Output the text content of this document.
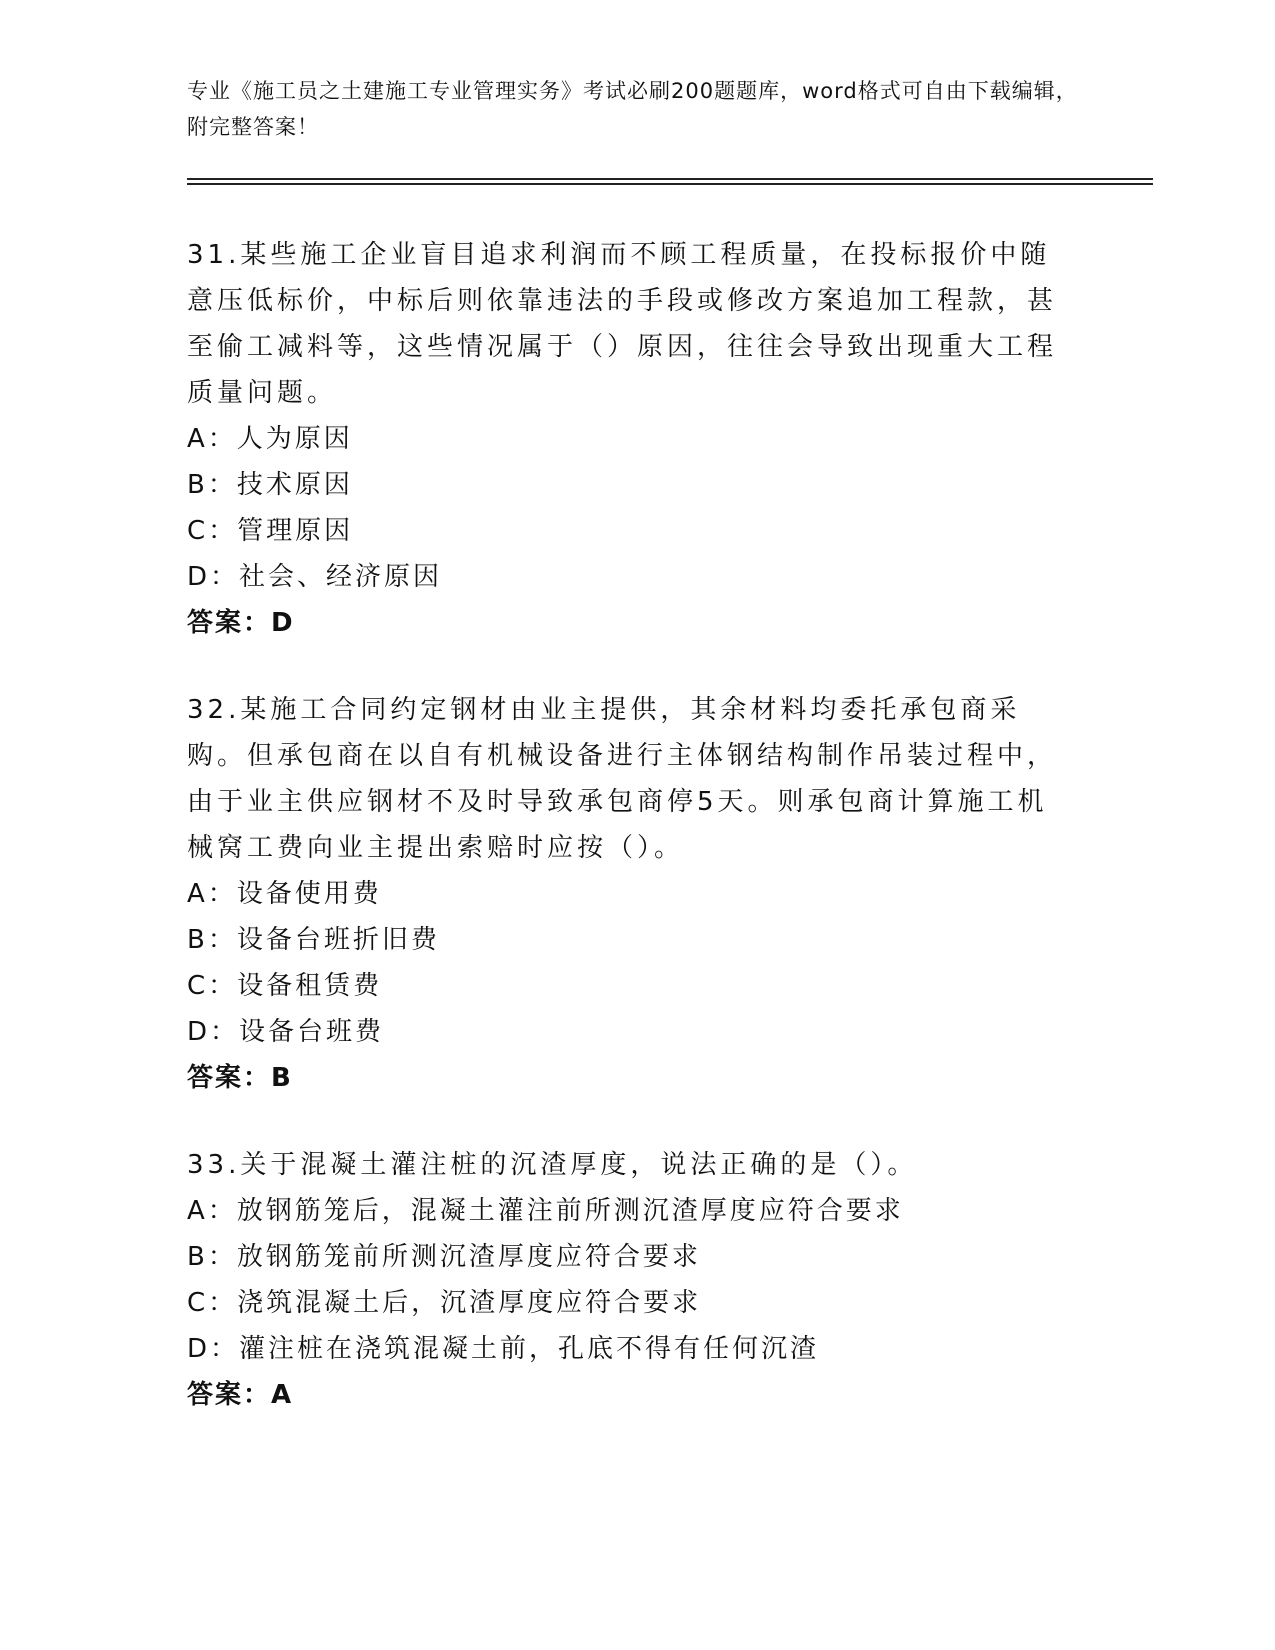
专业《施工员之土建施工专业管理实务》考试必刷200题题库，word格式可自由下载编辑，附完整答案！

31.某些施工企业盲目追求利润而不顾工程质量，在投标报价中随意压低标价，中标后则依靠违法的手段或修改方案追加工程款，甚至偷工减料等，这些情况属于（）原因，往往会导致出现重大工程质量问题。

A：人为原因

B：技术原因

C：管理原因

D：社会、经济原因

答案：D

32.某施工合同约定钢材由业主提供，其余材料均委托承包商采购。但承包商在以自有机械设备进行主体钢结构制作吊装过程中，由于业主供应钢材不及时导致承包商停5天。则承包商计算施工机械窝工费向业主提出索赔时应按（）。

A：设备使用费

B：设备台班折旧费

C：设备租赁费

D：设备台班费

答案：B

33.关于混凝土灌注桩的沉渣厚度，说法正确的是（）。

A：放钢筋笼后，混凝土灌注前所测沉渣厚度应符合要求

B：放钢筋笼前所测沉渣厚度应符合要求

C：浇筑混凝土后，沉渣厚度应符合要求

D：灌注桩在浇筑混凝土前，孔底不得有任何沉渣

答案：A
